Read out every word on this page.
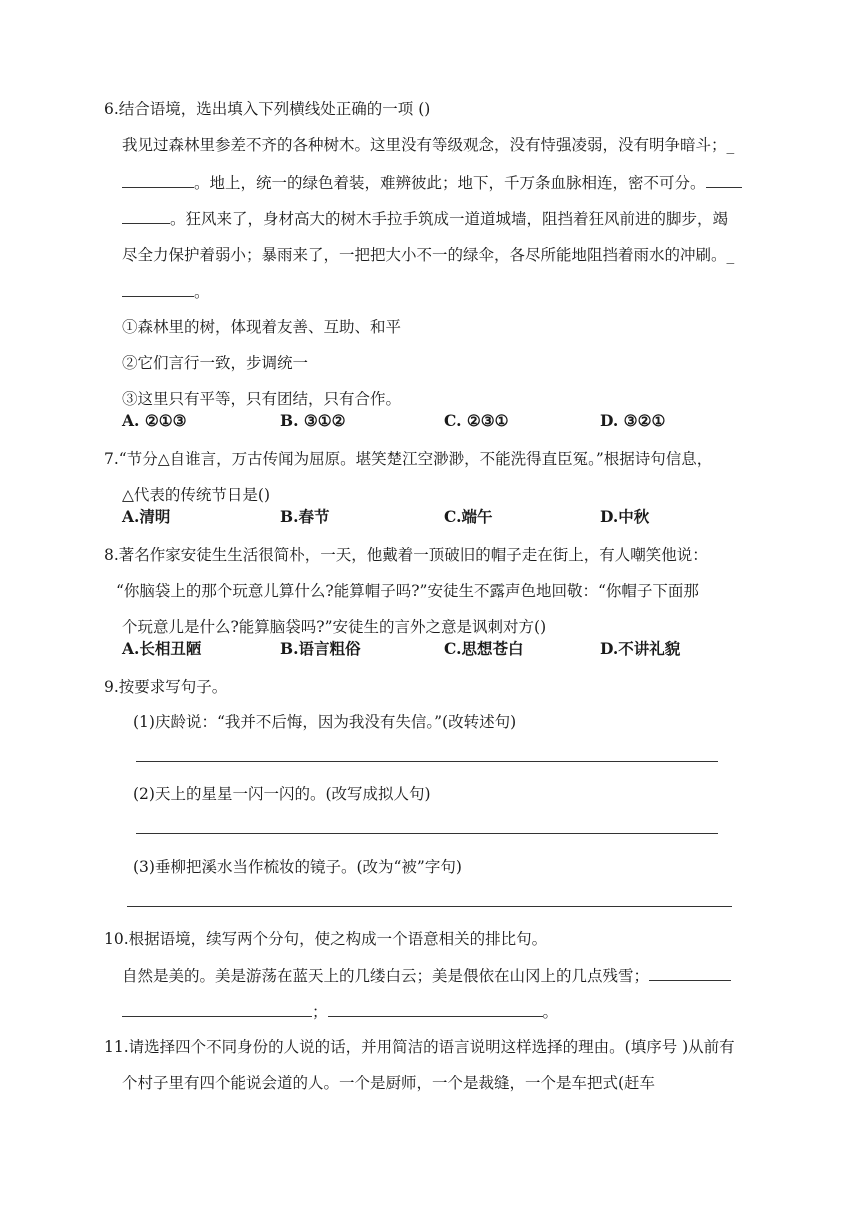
6.结合语境，选出填入下列横线处正确的一项 ()
我见过森林里参差不齐的各种树木。这里没有等级观念，没有恃强凌弱，没有明争暗斗；_
。地上，统一的绿色着装，难辨彼此；地下，千万条血脉相连，密不可分。
。狂风来了，身材高大的树木手拉手筑成一道道城墙，阻挡着狂风前进的脚步，竭
尽全力保护着弱小；暴雨来了，一把把大小不一的绿伞，各尽所能地阻挡着雨水的冲刷。_
。
①森林里的树，体现着友善、互助、和平
②它们言行一致，步调统一
③这里只有平等，只有团结，只有合作。
A. ②①③	B. ③①②	C. ②③①	D. ③②①
7.“节分△自谁言，万古传闻为屈原。堪笑楚江空渺渺，不能洗得直臣冤。”根据诗句信息，
△代表的传统节日是()
A.清明	B.春节	C.端午	D.中秋
8.著名作家安徒生生活很简朴，一天，他戴着一顶破旧的帽子走在街上，有人嘲笑他说：
“你脑袋上的那个玩意儿算什么?能算帽子吗?”安徒生不露声色地回敬：“你帽子下面那
个玩意儿是什么?能算脑袋吗?”安徒生的言外之意是讽刺对方()
A.长相丑陋	B.语言粗俗	C.思想苍白	D.不讲礼貌
9.按要求写句子。
(1)庆龄说：“我并不后悔，因为我没有失信。”(改转述句)
(2)天上的星星一闪一闪的。(改写成拟人句)
(3)垂柳把溪水当作梳妆的镜子。(改为“被”字句)
10.根据语境，续写两个分句，使之构成一个语意相关的排比句。
自然是美的。美是游荡在蓝天上的几缕白云；美是偎依在山冈上的几点残雪；
；	。
11.请选择四个不同身份的人说的话，并用简洁的语言说明这样选择的理由。(填序号 )从前有
个村子里有四个能说会道的人。一个是厨师，一个是裁缝，一个是车把式(赶车
